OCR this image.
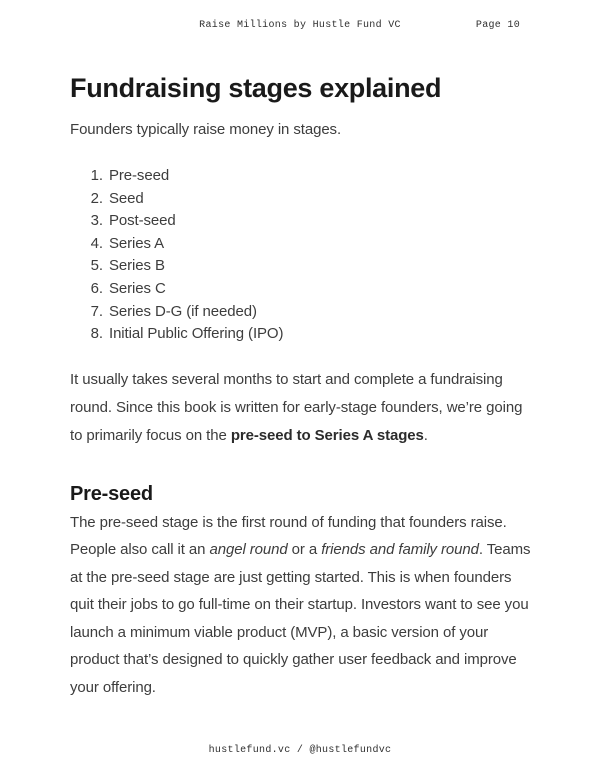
Raise Millions by Hustle Fund VC	Page 10
Fundraising stages explained

Founders typically raise money in stages.

1. Pre-seed
2. Seed
3. Post-seed
4. Series A
5. Series B
6. Series C
7. Series D-G (if needed)
8. Initial Public Offering (IPO)

It usually takes several months to start and complete a fundraising round. Since this book is written for early-stage founders, we’re going to primarily focus on the pre-seed to Series A stages.

Pre-seed

The pre-seed stage is the first round of funding that founders raise. People also call it an angel round or a friends and family round. Teams at the pre-seed stage are just getting started. This is when founders quit their jobs to go full-time on their startup. Investors want to see you launch a minimum viable product (MVP), a basic version of your product that’s designed to quickly gather user feedback and improve your offering.

hustlefund.vc / @hustlefundvc
